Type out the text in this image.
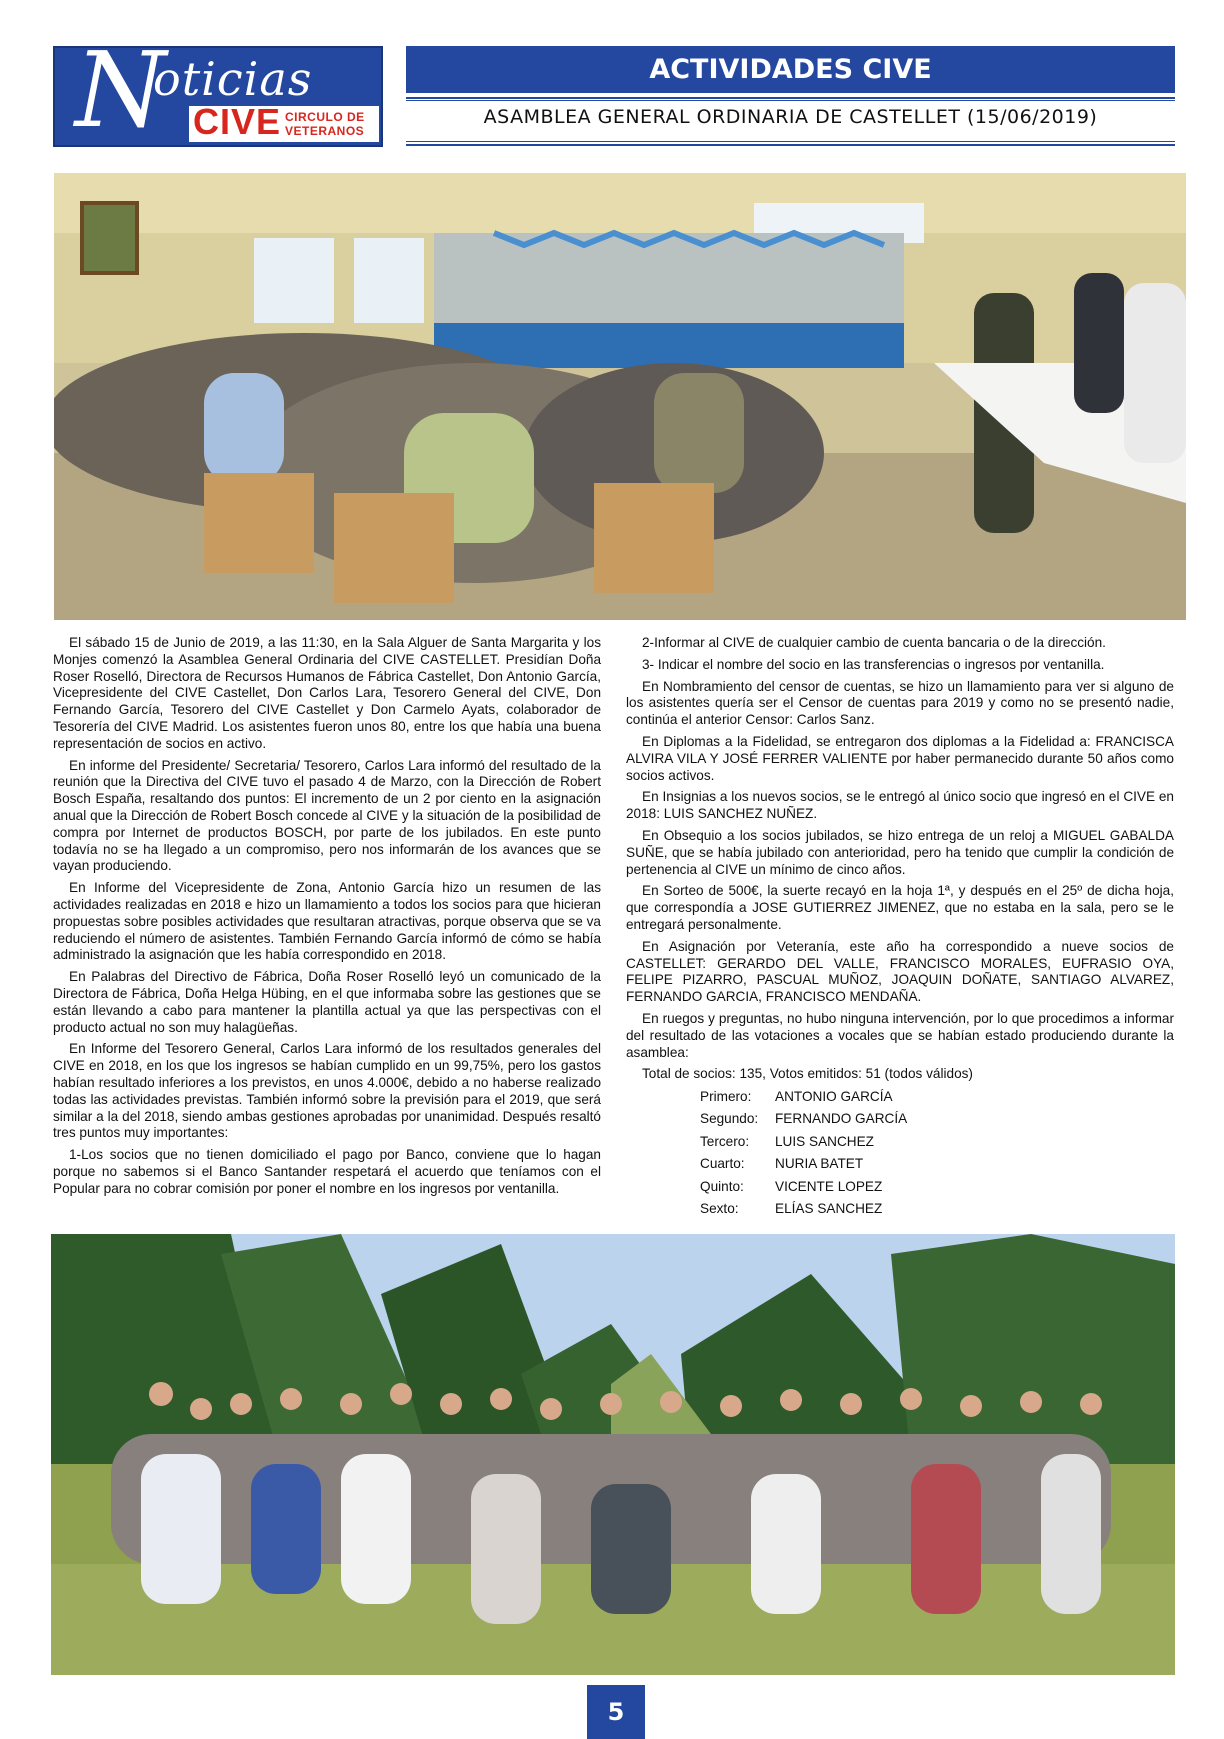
N
oticias
CIVE CIRCULO DE
VETERANOS
ACTIVIDADES CIVE
ASAMBLEA GENERAL ORDINARIA DE CASTELLET (15/06/2019)

El sábado 15 de Junio de 2019, a las 11:30, en la Sala Alguer de Santa Margarita y los Monjes comenzó la Asamblea General Ordinaria del CIVE CASTELLET. Presidían Doña Roser Roselló, Directora de Recursos Humanos de Fábrica Castellet, Don Antonio García, Vicepresidente del CIVE Castellet, Don Carlos Lara, Tesorero General del CIVE, Don Fernando García, Tesorero del CIVE Castellet y Don Carmelo Ayats, colaborador de Tesorería del CIVE Madrid. Los asistentes fueron unos 80, entre los que había una buena representación de socios en activo.

En informe del Presidente/ Secretaria/ Tesorero, Carlos Lara informó del resultado de la reunión que la Directiva del CIVE tuvo el pasado 4 de Marzo, con la Dirección de Robert Bosch España, resaltando dos puntos: El incremento de un 2 por ciento en la asignación anual que la Dirección de Robert Bosch concede al CIVE y la situación de la posibilidad de compra por Internet de productos BOSCH, por parte de los jubilados. En este punto todavía no se ha llegado a un compromiso, pero nos informarán de los avances que se vayan produciendo.

En Informe del Vicepresidente de Zona, Antonio García hizo un resumen de las actividades realizadas en 2018 e hizo un llamamiento a todos los socios para que hicieran propuestas sobre posibles actividades que resultaran atractivas, porque observa que se va reduciendo el número de asistentes. También Fernando García informó de cómo se había administrado la asignación que les había correspondido en 2018.

En Palabras del Directivo de Fábrica, Doña Roser Roselló leyó un comunicado de la Directora de Fábrica, Doña Helga Hübing, en el que informaba sobre las gestiones que se están llevando a cabo para mantener la plantilla actual ya que las perspectivas con el producto actual no son muy halagüeñas.

En Informe del Tesorero General, Carlos Lara informó de los resultados generales del CIVE en 2018, en los que los ingresos se habían cumplido en un 99,75%, pero los gastos habían resultado inferiores a los previstos, en unos 4.000€, debido a no haberse realizado todas las actividades previstas. También informó sobre la previsión para el 2019, que será similar a la del 2018, siendo ambas gestiones aprobadas por unanimidad. Después resaltó tres puntos muy importantes:

1-Los socios que no tienen domiciliado el pago por Banco, conviene que lo hagan porque no sabemos si el Banco Santander respetará el acuerdo que teníamos con el Popular para no cobrar comisión por poner el nombre en los ingresos por ventanilla.

2-Informar al CIVE de cualquier cambio de cuenta bancaria o de la dirección.

3- Indicar el nombre del socio en las transferencias o ingresos por ventanilla.

En Nombramiento del censor de cuentas, se hizo un llamamiento para ver si alguno de los asistentes quería ser el Censor de cuentas para 2019 y como no se presentó nadie, continúa el anterior Censor: Carlos Sanz.

En Diplomas a la Fidelidad, se entregaron dos diplomas a la Fidelidad a: FRANCISCA ALVIRA VILA Y JOSÉ FERRER VALIENTE por haber permanecido durante 50 años como socios activos.

En Insignias a los nuevos socios, se le entregó al único socio que ingresó en el CIVE en 2018: LUIS SANCHEZ NUÑEZ.

En Obsequio a los socios jubilados, se hizo entrega de un reloj a MIGUEL GABALDA SUÑE, que se había jubilado con anterioridad, pero ha tenido que cumplir la condición de pertenencia al CIVE un mínimo de cinco años.

En Sorteo de 500€, la suerte recayó en la hoja 1ª, y después en el 25º de dicha hoja, que correspondía a JOSE GUTIERREZ JIMENEZ, que no estaba en la sala, pero se le entregará personalmente.

En Asignación por Veteranía, este año ha correspondido a nueve socios de CASTELLET: GERARDO DEL VALLE, FRANCISCO MORALES, EUFRASIO OYA, FELIPE PIZARRO, PASCUAL MUÑOZ, JOAQUIN DOÑATE, SANTIAGO ALVAREZ, FERNANDO GARCIA, FRANCISCO MENDAÑA.

En ruegos y preguntas, no hubo ninguna intervención, por lo que procedimos a informar del resultado de las votaciones a vocales que se habían estado produciendo durante la asamblea:

Total de socios: 135, Votos emitidos: 51 (todos válidos)
Primero:	ANTONIO GARCÍA
Segundo:	FERNANDO GARCÍA
Tercero:	LUIS SANCHEZ
Cuarto:	NURIA BATET
Quinto:	VICENTE LOPEZ
Sexto:	ELÍAS SANCHEZ
5
